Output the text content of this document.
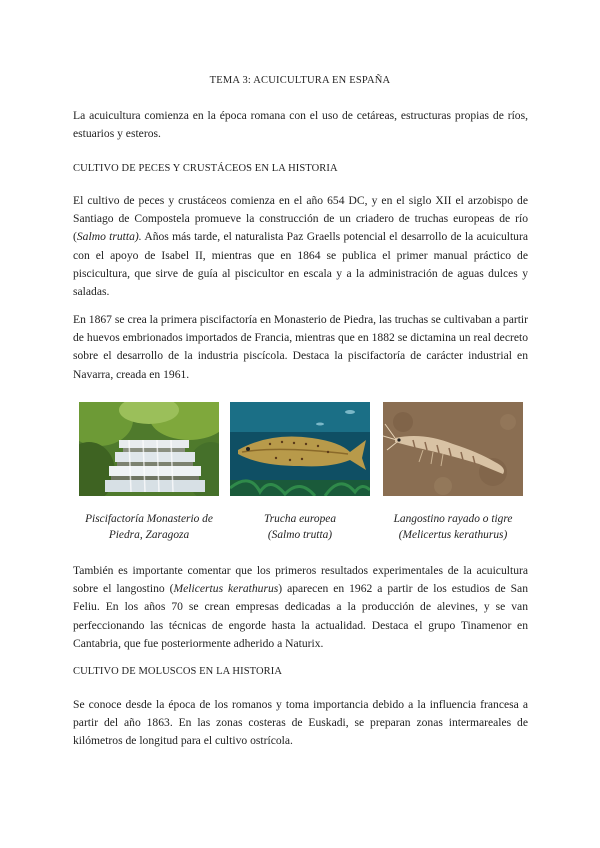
TEMA 3: ACUICULTURA EN ESPAÑA

La acuicultura comienza en la época romana con el uso de cetáreas, estructuras propias de ríos, estuarios y esteros.

CULTIVO DE PECES Y CRUSTÁCEOS EN LA HISTORIA

El cultivo de peces y crustáceos comienza en el año 654 DC, y en el siglo XII el arzobispo de Santiago de Compostela promueve la construcción de un criadero de truchas europeas de río (Salmo trutta). Años más tarde, el naturalista Paz Graells potencial el desarrollo de la acuicultura con el apoyo de Isabel II, mientras que en 1864 se publica el primer manual práctico de piscicultura, que sirve de guía al piscicultor en escala y a la administración de aguas dulces y saladas.

En 1867 se crea la primera piscifactoría en Monasterio de Piedra, las truchas se cultivaban a partir de huevos embrionados importados de Francia, mientras que en 1882 se dictamina un real decreto sobre el desarrollo de la industria piscícola. Destaca la piscifactoría de carácter industrial en Navarra, creada en 1961.

Piscifactoría Monasterio de
Piedra, Zaragoza
Trucha europea
(Salmo trutta)
Langostino rayado o tigre
(Melicertus kerathurus)

También es importante comentar que los primeros resultados experimentales de la acuicultura sobre el langostino (Melicertus kerathurus) aparecen en 1962 a partir de los estudios de San Feliu. En los años 70 se crean empresas dedicadas a la producción de alevines, y se van perfeccionando las técnicas de engorde hasta la actualidad. Destaca el grupo Tinamenor en Cantabria, que fue posteriormente adherido a Naturix.

CULTIVO DE MOLUSCOS EN LA HISTORIA

Se conoce desde la época de los romanos y toma importancia debido a la influencia francesa a partir del año 1863. En las zonas costeras de Euskadi, se preparan zonas intermareales de kilómetros de longitud para el cultivo ostrícola.
